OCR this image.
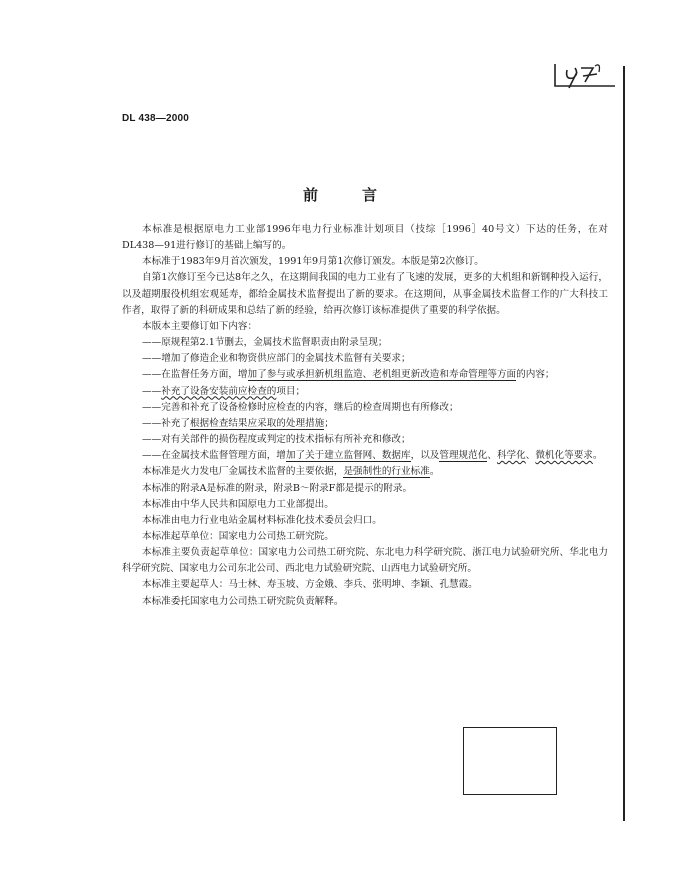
DL 438—2000
前言

本标准是根据原电力工业部1996年电力行业标准计划项目（技综［1996］40号文）下达的任务，在对DL438—91进行修订的基础上编写的。

本标准于1983年9月首次颁发，1991年9月第1次修订颁发。本版是第2次修订。

自第1次修订至今已达8年之久，在这期间我国的电力工业有了飞速的发展，更多的大机组和新钢种投入运行，以及超期服役机组宏观延寿，都给金属技术监督提出了新的要求。在这期间，从事金属技术监督工作的广大科技工作者，取得了新的科研成果和总结了新的经验，给再次修订该标准提供了重要的科学依据。

本版本主要修订如下内容：

——原规程第2.1节删去，金属技术监督职责由附录呈现；

——增加了修造企业和物资供应部门的金属技术监督有关要求；

——在监督任务方面，增加了参与或承担新机组监造、老机组更新改造和寿命管理等方面的内容；

——补充了设备安装前应检查的项目；

——完善和补充了设备检修时应检查的内容，继后的检查周期也有所修改；

——补充了根据检查结果应采取的处理措施；

——对有关部件的损伤程度或判定的技术指标有所补充和修改；

——在金属技术监督管理方面，增加了关于建立监督网、数据库，以及管理规范化、科学化、微机化等要求。

本标准是火力发电厂金属技术监督的主要依据，是强制性的行业标准。

本标准的附录A是标准的附录，附录B～附录F都是提示的附录。

本标准由中华人民共和国原电力工业部提出。

本标准由电力行业电站金属材料标准化技术委员会归口。

本标准起草单位：国家电力公司热工研究院。

本标准主要负责起草单位：国家电力公司热工研究院、东北电力科学研究院、浙江电力试验研究所、华北电力科学研究院、国家电力公司东北公司、西北电力试验研究院、山西电力试验研究所。

本标准主要起草人：马士林、寿玉坡、方金娥、李兵、张明坤、李颖、孔慧霞。

本标准委托国家电力公司热工研究院负责解释。
